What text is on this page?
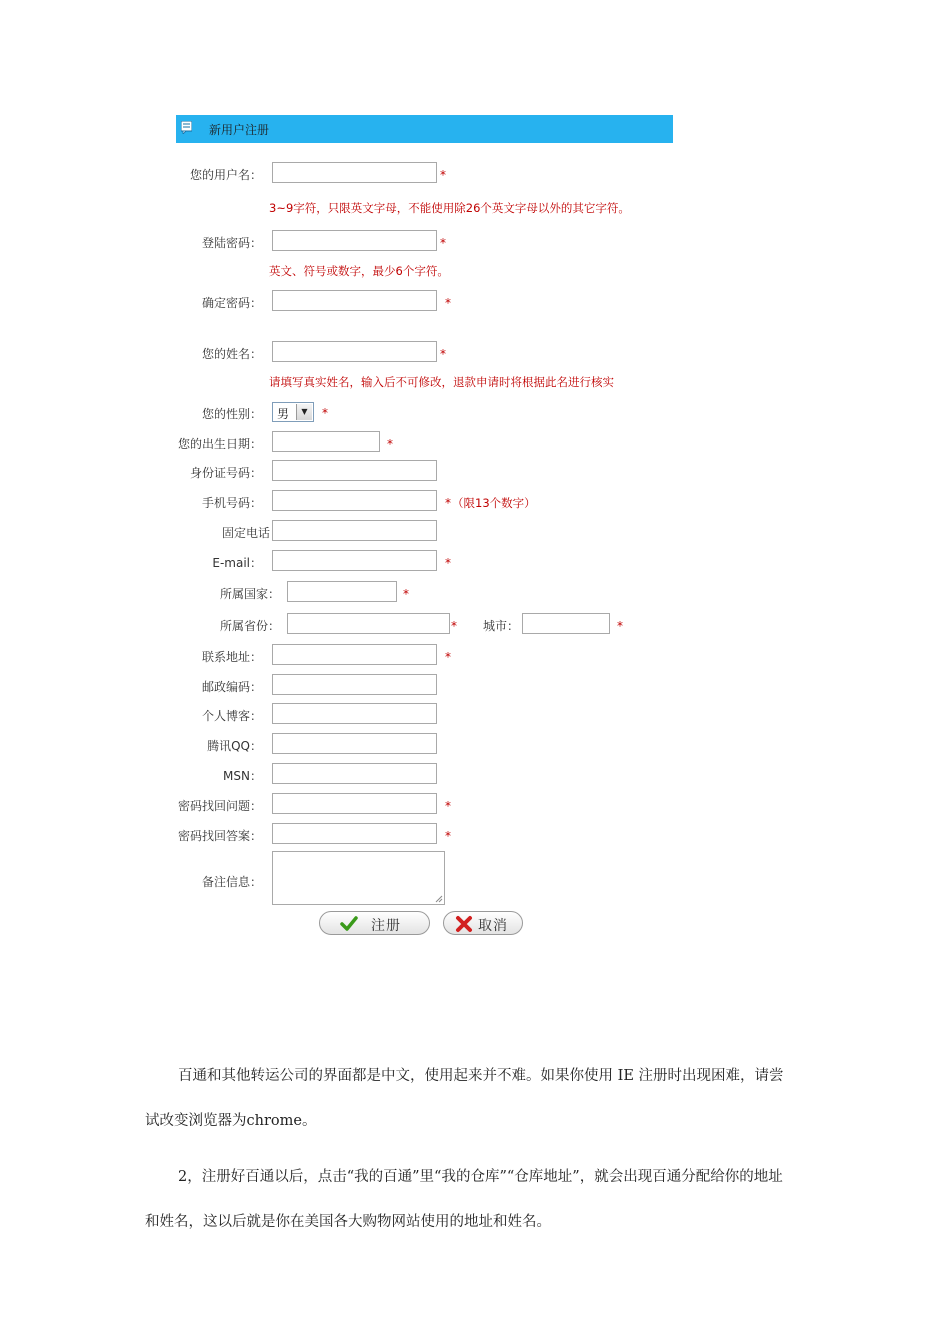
新用户注册
您的用户名：	*
3~9字符，只限英文字母，不能使用除26个英文字母以外的其它字符。
登陆密码：	*
英文、符号或数字，最少6个字符。
确定密码：	*
您的姓名：	*
请填写真实姓名，输入后不可修改，退款申请时将根据此名进行核实
您的性别： 男	▼	*
您的出生日期：	*
身份证号码：
手机号码：	* （限13个数字）
固定电话
E-mail：	*
所属国家：	*
所属省份：	* 城市：	*
联系地址：	*
邮政编码：
个人博客：
腾讯QQ：
MSN：
密码找回问题：	*
密码找回答案：	*
备注信息：
注册	取消
百通和其他转运公司的界面都是中文，使用起来并不难。如果你使用 IE 注册时出现困难，请尝
试改变浏览器为chrome。
2，注册好百通以后，点击“我的百通”里“我的仓库”“仓库地址”，就会出现百通分配给你的地址
和姓名，这以后就是你在美国各大购物网站使用的地址和姓名。
